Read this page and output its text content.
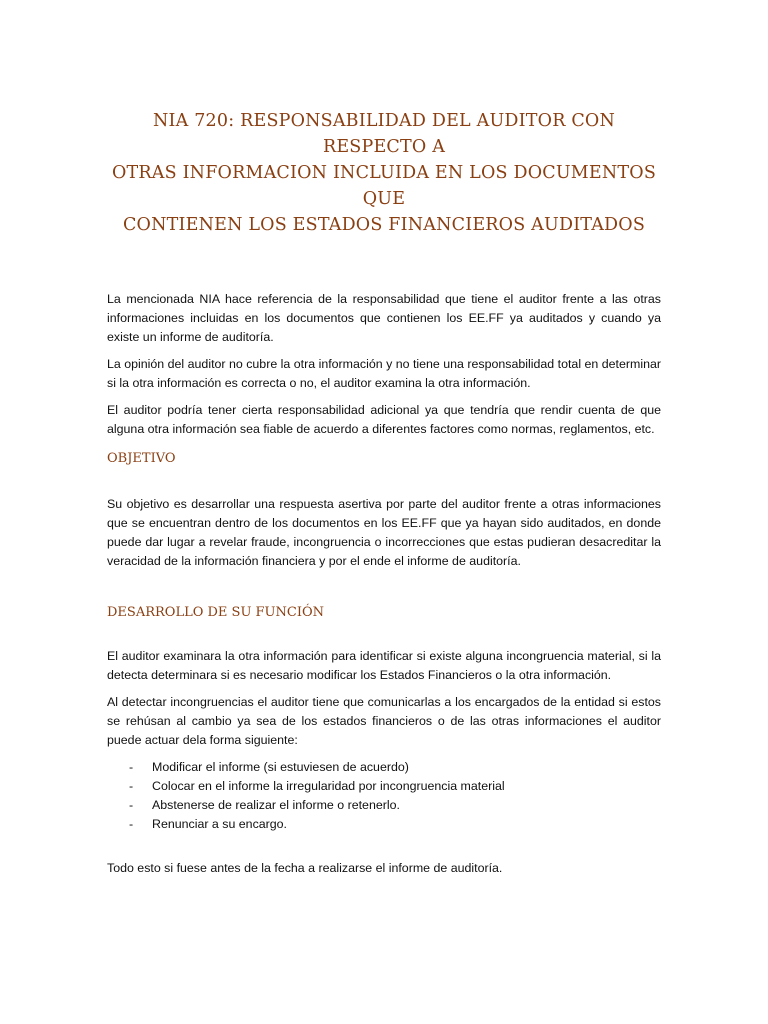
NIA 720: RESPONSABILIDAD DEL AUDITOR CON RESPECTO A
OTRAS INFORMACION INCLUIDA EN LOS DOCUMENTOS QUE
CONTIENEN LOS ESTADOS FINANCIEROS AUDITADOS

La mencionada NIA hace referencia de la responsabilidad que tiene el auditor frente a las otras informaciones incluidas en los documentos que contienen los EE.FF ya auditados y cuando ya existe un informe de auditoría.

La opinión del auditor no cubre la otra información y no tiene una responsabilidad total en determinar si la otra información es correcta o no, el auditor examina la otra información.

El auditor podría tener cierta responsabilidad adicional ya que tendría que rendir cuenta de que alguna otra información sea fiable de acuerdo a diferentes factores como normas, reglamentos, etc.

OBJETIVO

Su objetivo es desarrollar una respuesta asertiva por parte del auditor frente a otras informaciones que se encuentran dentro de los documentos en los EE.FF que ya hayan sido auditados, en donde puede dar lugar a revelar fraude, incongruencia o incorrecciones que estas pudieran desacreditar la veracidad de la información financiera y por el ende el informe de auditoría.

DESARROLLO DE SU FUNCIÓN

El auditor examinara la otra información para identificar si existe alguna incongruencia material, si la detecta determinara si es necesario modificar los Estados Financieros o la otra información.

Al detectar incongruencias el auditor tiene que comunicarlas a los encargados de la entidad si estos se rehúsan al cambio ya sea de los estados financieros o de las otras informaciones el auditor puede actuar dela forma siguiente:

- Modificar el informe (si estuviesen de acuerdo)
- Colocar en el informe la irregularidad por incongruencia material
- Abstenerse de realizar el informe o retenerlo.
- Renunciar a su encargo.

Todo esto si fuese antes de la fecha a realizarse el informe de auditoría.
